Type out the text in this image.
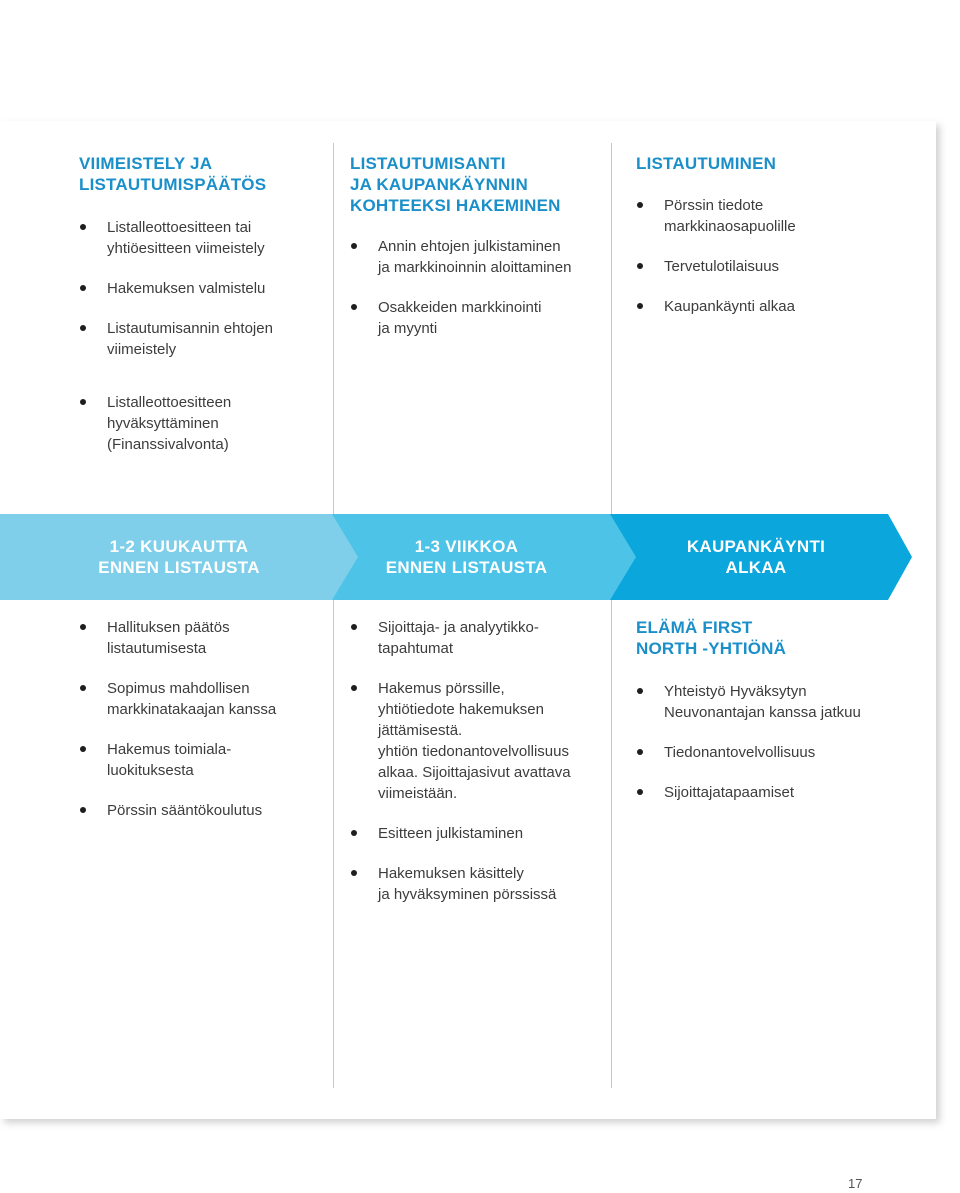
VIIMEISTELY JA
LISTAUTUMISPÄÄTÖS
Listalleottoesitteen tai
yhtiöesitteen viimeistely
Hakemuksen valmistelu
Listautumisannin ehtojen
viimeistely
Listalleottoesitteen
hyväksyttäminen
(Finanssivalvonta)
LISTAUTUMISANTI
JA KAUPANKÄYNNIN
KOHTEEKSI HAKEMINEN
Annin ehtojen julkistaminen
ja markkinoinnin aloittaminen
Osakkeiden markkinointi
ja myynti
LISTAUTUMINEN
Pörssin tiedote
markkinaosapuolille
Tervetulotilaisuus
Kaupankäynti alkaa
1-2 KUUKAUTTA
ENNEN LISTAUSTA
1-3 VIIKKOA
ENNEN LISTAUSTA
KAUPANKÄYNTI
ALKAA
Hallituksen päätös
listautumisesta
Sopimus mahdollisen
markkinatakaajan kanssa
Hakemus toimiala-
luokituksesta
Pörssin sääntökoulutus
Sijoittaja- ja analyytikko-
tapahtumat
Hakemus pörssille,
yhtiötiedote hakemuksen
jättämisestä.
yhtiön tiedonantovelvollisuus
alkaa. Sijoittajasivut avattava
viimeistään.
Esitteen julkistaminen
Hakemuksen käsittely
ja hyväksyminen pörssissä
ELÄMÄ FIRST
NORTH -YHTIÖNÄ
Yhteistyö Hyväksytyn
Neuvonantajan kanssa jatkuu
Tiedonantovelvollisuus
Sijoittajatapaamiset
17
